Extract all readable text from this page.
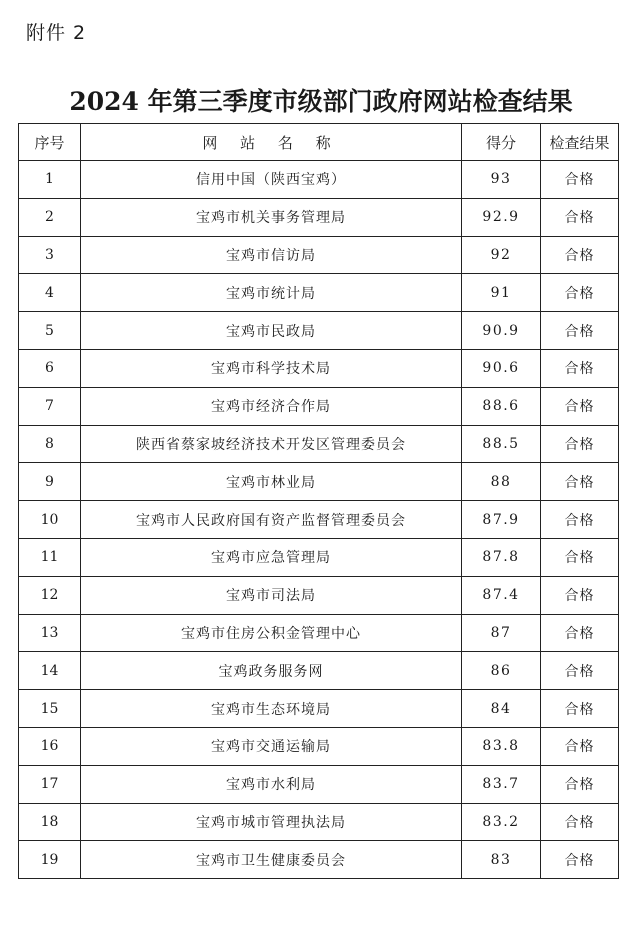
附件 2
2024 年第三季度市级部门政府网站检查结果
序号	网 站 名 称	得分	检查结果
1	信用中国（陕西宝鸡）	93	合格
2	宝鸡市机关事务管理局	92.9	合格
3	宝鸡市信访局	92	合格
4	宝鸡市统计局	91	合格
5	宝鸡市民政局	90.9	合格
6	宝鸡市科学技术局	90.6	合格
7	宝鸡市经济合作局	88.6	合格
8	陕西省蔡家坡经济技术开发区管理委员会	88.5	合格
9	宝鸡市林业局	88	合格
10	宝鸡市人民政府国有资产监督管理委员会	87.9	合格
11	宝鸡市应急管理局	87.8	合格
12	宝鸡市司法局	87.4	合格
13	宝鸡市住房公积金管理中心	87	合格
14	宝鸡政务服务网	86	合格
15	宝鸡市生态环境局	84	合格
16	宝鸡市交通运输局	83.8	合格
17	宝鸡市水利局	83.7	合格
18	宝鸡市城市管理执法局	83.2	合格
19	宝鸡市卫生健康委员会	83	合格
